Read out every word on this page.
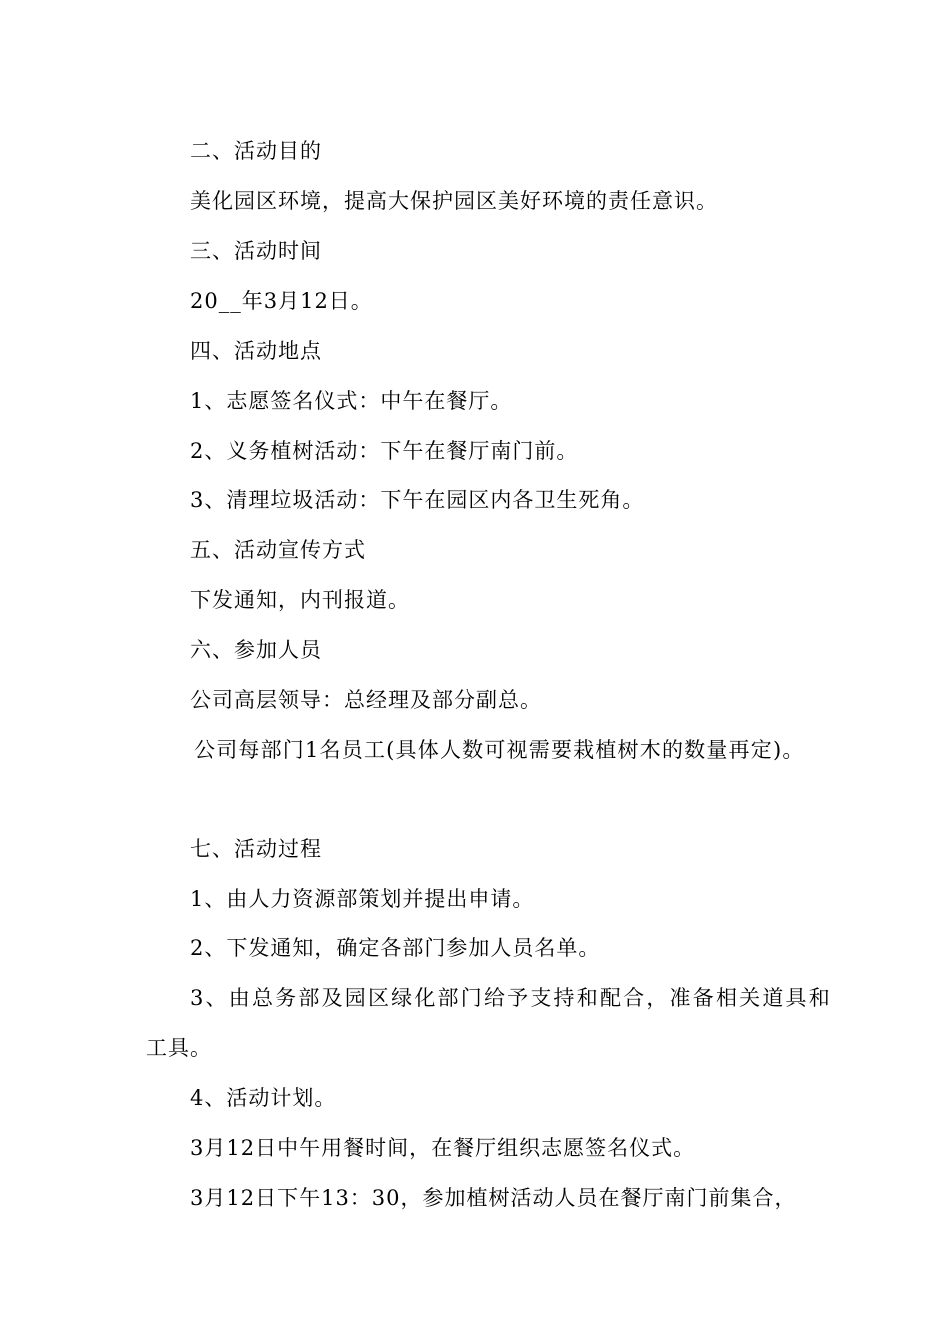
二、活动目的
美化园区环境，提高大保护园区美好环境的责任意识。
三、活动时间
20__年3月12日。
四、活动地点
1、志愿签名仪式：中午在餐厅。
2、义务植树活动：下午在餐厅南门前。
3、清理垃圾活动：下午在园区内各卫生死角。
五、活动宣传方式
下发通知，内刊报道。
六、参加人员
公司高层领导：总经理及部分副总。
公司每部门1名员工(具体人数可视需要栽植树木的数量再定)。
七、活动过程
1、由人力资源部策划并提出申请。
2、下发通知，确定各部门参加人员名单。
3、由总务部及园区绿化部门给予支持和配合，准备相关道具和
工具。
4、活动计划。
3月12日中午用餐时间，在餐厅组织志愿签名仪式。
3月12日下午13：30，参加植树活动人员在餐厅南门前集合，
